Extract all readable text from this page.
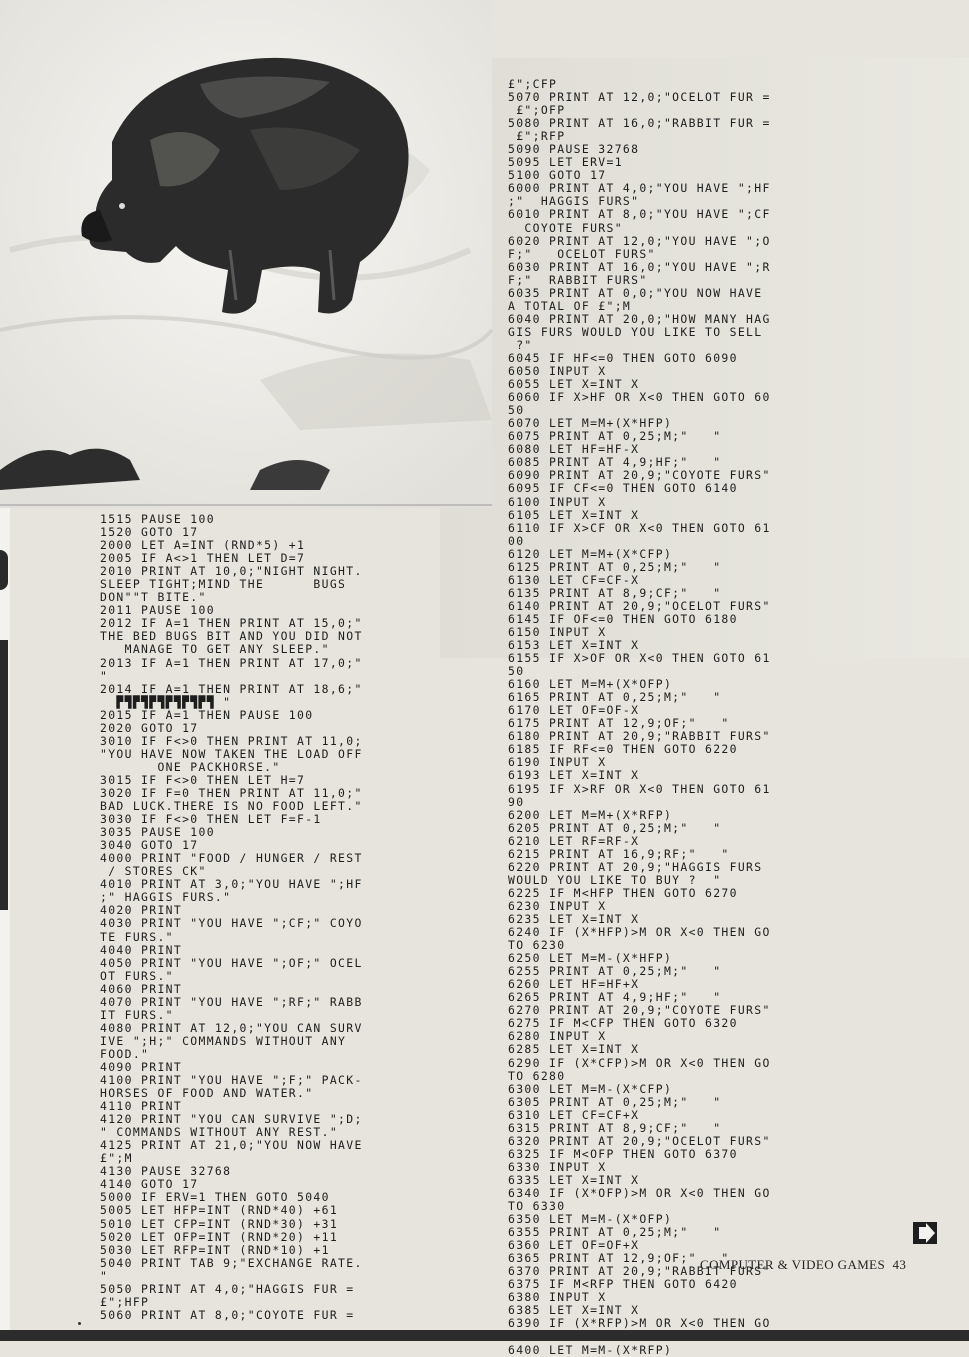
1515 PAUSE 100
1520 GOTO 17
2000 LET A=INT (RND*5) +1
2005 IF A<>1 THEN LET D=7
2010 PRINT AT 10,0;"NIGHT NIGHT.
SLEEP TIGHT;MIND THE      BUGS
DON""T BITE."
2011 PAUSE 100
2012 IF A=1 THEN PRINT AT 15,0;"
THE BED BUGS BIT AND YOU DID NOT
MANAGE TO GET ANY SLEEP."
2013 IF A=1 THEN PRINT AT 17,0;"
"
2014 IF A=1 THEN PRINT AT 18,6;"
▛▜▛▜▛▜▛▜▛▜▛▜ "
2015 IF A=1 THEN PAUSE 100
2020 GOTO 17
3010 IF F<>0 THEN PRINT AT 11,0;
"YOU HAVE NOW TAKEN THE LOAD OFF
ONE PACKHORSE."
3015 IF F<>0 THEN LET H=7
3020 IF F=0 THEN PRINT AT 11,0;"
BAD LUCK.THERE IS NO FOOD LEFT."
3030 IF F<>0 THEN LET F=F-1
3035 PAUSE 100
3040 GOTO 17
4000 PRINT "FOOD / HUNGER / REST
/ STORES CK"
4010 PRINT AT 3,0;"YOU HAVE ";HF
;" HAGGIS FURS."
4020 PRINT
4030 PRINT "YOU HAVE ";CF;" COYO
TE FURS."
4040 PRINT
4050 PRINT "YOU HAVE ";OF;" OCEL
OT FURS."
4060 PRINT
4070 PRINT "YOU HAVE ";RF;" RABB
IT FURS."
4080 PRINT AT 12,0;"YOU CAN SURV
IVE ";H;" COMMANDS WITHOUT ANY
FOOD."
4090 PRINT
4100 PRINT "YOU HAVE ";F;" PACK-
HORSES OF FOOD AND WATER."
4110 PRINT
4120 PRINT "YOU CAN SURVIVE ";D;
" COMMANDS WITHOUT ANY REST."
4125 PRINT AT 21,0;"YOU NOW HAVE
£";M
4130 PAUSE 32768
4140 GOTO 17
5000 IF ERV=1 THEN GOTO 5040
5005 LET HFP=INT (RND*40) +61
5010 LET CFP=INT (RND*30) +31
5020 LET OFP=INT (RND*20) +11
5030 LET RFP=INT (RND*10) +1
5040 PRINT TAB 9;"EXCHANGE RATE.
"
5050 PRINT AT 4,0;"HAGGIS FUR =
£";HFP
5060 PRINT AT 8,0;"COYOTE FUR =
£";CFP
5070 PRINT AT 12,0;"OCELOT FUR =
£";OFP
5080 PRINT AT 16,0;"RABBIT FUR =
£";RFP
5090 PAUSE 32768
5095 LET ERV=1
5100 GOTO 17
6000 PRINT AT 4,0;"YOU HAVE ";HF
;"  HAGGIS FURS"
6010 PRINT AT 8,0;"YOU HAVE ";CF
COYOTE FURS"
6020 PRINT AT 12,0;"YOU HAVE ";O
F;"   OCELOT FURS"
6030 PRINT AT 16,0;"YOU HAVE ";R
F;"  RABBIT FURS"
6035 PRINT AT 0,0;"YOU NOW HAVE
A TOTAL OF £";M
6040 PRINT AT 20,0;"HOW MANY HAG
GIS FURS WOULD YOU LIKE TO SELL
?"
6045 IF HF<=0 THEN GOTO 6090
6050 INPUT X
6055 LET X=INT X
6060 IF X>HF OR X<0 THEN GOTO 60
50
6070 LET M=M+(X*HFP)
6075 PRINT AT 0,25;M;"   "
6080 LET HF=HF-X
6085 PRINT AT 4,9;HF;"   "
6090 PRINT AT 20,9;"COYOTE FURS"
6095 IF CF<=0 THEN GOTO 6140
6100 INPUT X
6105 LET X=INT X
6110 IF X>CF OR X<0 THEN GOTO 61
00
6120 LET M=M+(X*CFP)
6125 PRINT AT 0,25;M;"   "
6130 LET CF=CF-X
6135 PRINT AT 8,9;CF;"   "
6140 PRINT AT 20,9;"OCELOT FURS"
6145 IF OF<=0 THEN GOTO 6180
6150 INPUT X
6153 LET X=INT X
6155 IF X>OF OR X<0 THEN GOTO 61
50
6160 LET M=M+(X*OFP)
6165 PRINT AT 0,25;M;"   "
6170 LET OF=OF-X
6175 PRINT AT 12,9;OF;"   "
6180 PRINT AT 20,9;"RABBIT FURS"
6185 IF RF<=0 THEN GOTO 6220
6190 INPUT X
6193 LET X=INT X
6195 IF X>RF OR X<0 THEN GOTO 61
90
6200 LET M=M+(X*RFP)
6205 PRINT AT 0,25;M;"   "
6210 LET RF=RF-X
6215 PRINT AT 16,9;RF;"   "
6220 PRINT AT 20,9;"HAGGIS FURS
WOULD YOU LIKE TO BUY ?  "
6225 IF M<HFP THEN GOTO 6270
6230 INPUT X
6235 LET X=INT X
6240 IF (X*HFP)>M OR X<0 THEN GO
TO 6230
6250 LET M=M-(X*HFP)
6255 PRINT AT 0,25;M;"   "
6260 LET HF=HF+X
6265 PRINT AT 4,9;HF;"   "
6270 PRINT AT 20,9;"COYOTE FURS"
6275 IF M<CFP THEN GOTO 6320
6280 INPUT X
6285 LET X=INT X
6290 IF (X*CFP)>M OR X<0 THEN GO
TO 6280
6300 LET M=M-(X*CFP)
6305 PRINT AT 0,25;M;"   "
6310 LET CF=CF+X
6315 PRINT AT 8,9;CF;"   "
6320 PRINT AT 20,9;"OCELOT FURS"
6325 IF M<OFP THEN GOTO 6370
6330 INPUT X
6335 LET X=INT X
6340 IF (X*OFP)>M OR X<0 THEN GO
TO 6330
6350 LET M=M-(X*OFP)
6355 PRINT AT 0,25;M;"   "
6360 LET OF=OF+X
6365 PRINT AT 12,9;OF;"   "
6370 PRINT AT 20,9;"RABBIT FURS"
6375 IF M<RFP THEN GOTO 6420
6380 INPUT X
6385 LET X=INT X
6390 IF (X*RFP)>M OR X<0 THEN GO
6400 LET M=M-(X*RFP)
COMPUTER & VIDEO GAMES 43
